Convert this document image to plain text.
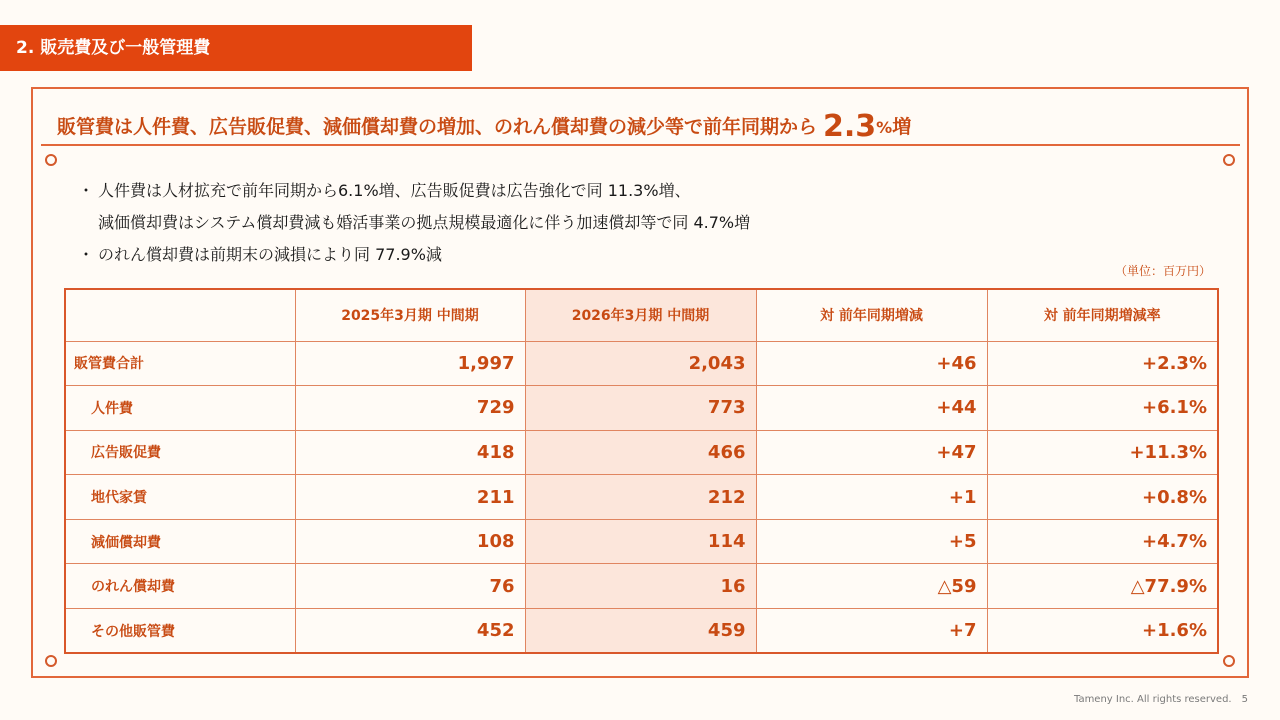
2. 販売費及び一般管理費
販管費は人件費、広告販促費、減価償却費の増加、のれん償却費の減少等で前年同期から 2.3%増
・ 人件費は人材拡充で前年同期から6.1%増、広告販促費は広告強化で同 11.3%増、
減価償却費はシステム償却費減も婚活事業の拠点規模最適化に伴う加速償却等で同 4.7%増
・ のれん償却費は前期末の減損により同 77.9%減
（単位：百万円）
	2025年3月期 中間期	2026年3月期 中間期	対 前年同期増減	対 前年同期増減率
販管費合計	1,997	2,043	+46	+2.3%
人件費	729	773	+44	+6.1%
広告販促費	418	466	+47	+11.3%
地代家賃	211	212	+1	+0.8%
減価償却費	108	114	+5	+4.7%
のれん償却費	76	16	△59	△77.9%
その他販管費	452	459	+7	+1.6%
Tameny Inc. All rights reserved. 5
